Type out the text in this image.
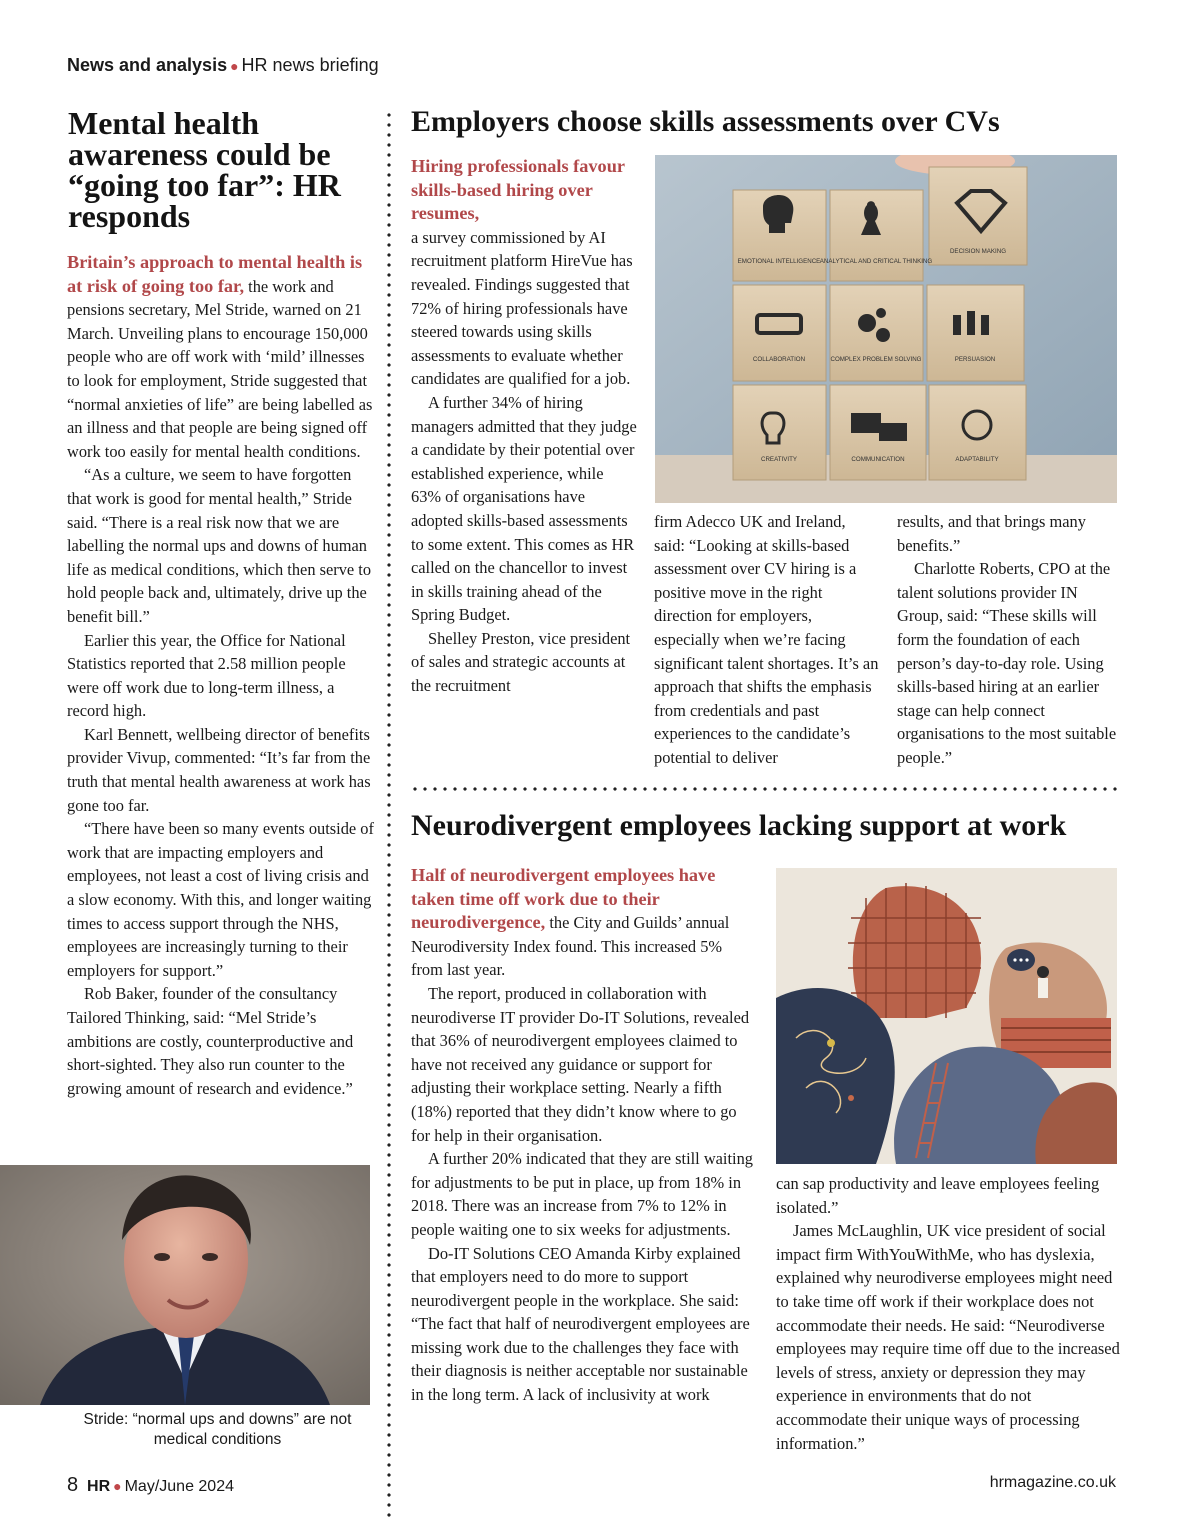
News and analysis ● HR news briefing
Mental health awareness could be “going too far”: HR responds

Britain’s approach to mental health is at risk of going too far, the work and pensions secretary, Mel Stride, warned on 21 March. Unveiling plans to encourage 150,000 people who are off work with ‘mild’ illnesses to look for employment, Stride suggested that “normal anxieties of life” are being labelled as an illness and that people are being signed off work too easily for mental health conditions.

“As a culture, we seem to have forgotten that work is good for mental health,” Stride said. “There is a real risk now that we are labelling the normal ups and downs of human life as medical conditions, which then serve to hold people back and, ultimately, drive up the benefit bill.”

Earlier this year, the Office for National Statistics reported that 2.58 million people were off work due to long-term illness, a record high.

Karl Bennett, wellbeing director of benefits provider Vivup, commented: “It’s far from the truth that mental health awareness at work has gone too far.

“There have been so many events outside of work that are impacting employers and employees, not least a cost of living crisis and a slow economy. With this, and longer waiting times to access support through the NHS, employees are increasingly turning to their employers for support.”

Rob Baker, founder of the consultancy Tailored Thinking, said: “Mel Stride’s ambitions are costly, counterproductive and short-sighted. They also run counter to the growing amount of research and evidence.”

Stride: “normal ups and downs” are not medical conditions
Employers choose skills assessments over CVs
Hiring professionals favour skills-based hiring over resumes,

a survey commissioned by AI recruitment platform HireVue has revealed. Findings suggested that 72% of hiring professionals have steered towards using skills assessments to evaluate whether candidates are qualified for a job.

A further 34% of hiring managers admitted that they judge a candidate by their potential over established experience, while 63% of organisations have adopted skills-based assessments to some extent. This comes as HR called on the chancellor to invest in skills training ahead of the Spring Budget.

Shelley Preston, vice president of sales and strategic accounts at the recruitment

EMOTIONAL INTELLIGENCE ANALYTICAL AND CRITICAL THINKING
DECISION MAKING
COLLABORATION	COMPLEX PROBLEM SOLVING	PERSUASION
CREATIVITY	COMMUNICATION	ADAPTABILITY

firm Adecco UK and Ireland, said: “Looking at skills-based assessment over CV hiring is a positive move in the right direction for employers, especially when we’re facing significant talent shortages. It’s an approach that shifts the emphasis from credentials and past experiences to the candidate’s potential to deliver

results, and that brings many benefits.”

Charlotte Roberts, CPO at the talent solutions provider IN Group, said: “These skills will form the foundation of each person’s day-to-day role. Using skills-based hiring at an earlier stage can help connect organisations to the most suitable people.”

Neurodivergent employees lacking support at work

Half of neurodivergent employees have taken time off work due to their neurodivergence, the City and Guilds’ annual Neurodiversity Index found. This increased 5% from last year.

The report, produced in collaboration with neurodiverse IT provider Do-IT Solutions, revealed that 36% of neurodivergent employees claimed to have not received any guidance or support for adjusting their workplace setting. Nearly a fifth (18%) reported that they didn’t know where to go for help in their organisation.

A further 20% indicated that they are still waiting for adjustments to be put in place, up from 18% in 2018. There was an increase from 7% to 12% in people waiting one to six weeks for adjustments.

Do-IT Solutions CEO Amanda Kirby explained that employers need to do more to support neurodivergent people in the workplace. She said: “The fact that half of neurodivergent employees are missing work due to the challenges they face with their diagnosis is neither acceptable nor sustainable in the long term. A lack of inclusivity at work

can sap productivity and leave employees feeling isolated.”

James McLaughlin, UK vice president of social impact firm WithYouWithMe, who has dyslexia, explained why neurodiverse employees might need to take time off work if their workplace does not accommodate their needs. He said: “Neurodiverse employees may require time off due to the increased levels of stress, anxiety or depression they may experience in environments that do not accommodate their unique ways of processing information.”

8 HR ● May/June 2024	hrmagazine.co.uk
